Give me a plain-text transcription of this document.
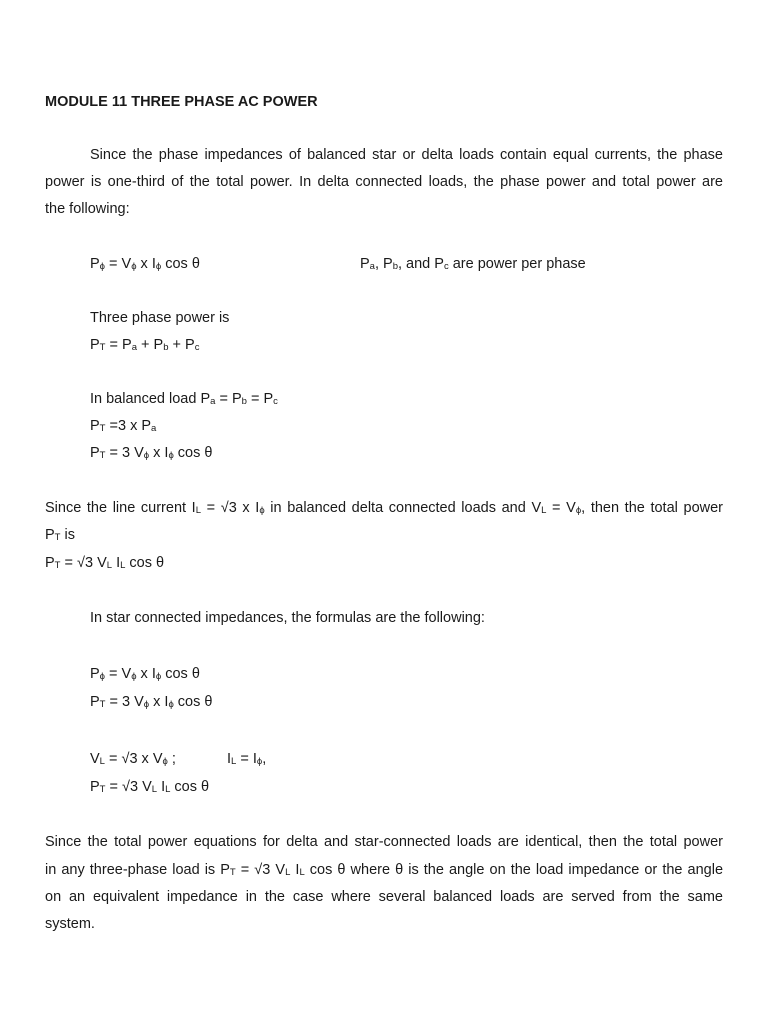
MODULE 11 THREE PHASE AC POWER
Since the phase impedances of balanced star or delta loads contain equal currents, the phase
power is one-third of the total power. In delta connected loads, the phase power and total power are
the following:
$P_\phi = V_\phi$ x $I_\phi$ cos θ	$P_a$, $P_b$, and $P_c$ are power per phase
Three phase power is
$P_T = P_a + P_b + P_c$
In balanced load $P_a = P_b = P_c$
$P_T =3$ x $P_a$
$P_T = 3$ $V_\phi$ x $I_\phi$ cos θ
Since the line current $I_L = √3$ x $I_\phi$ in balanced delta connected loads and $V_L = V_\phi$, then the total power
$P_T$ is
$P_T = √3$ $V_L$ $I_L$ cos θ
In star connected impedances, the formulas are the following:
$P_\phi = V_\phi$ x $I_\phi$ cos θ
$P_T = 3$ $V_\phi$ x $I_\phi$ cos θ
$V_L = √3$ x $V_\phi$ ;	$I_L = I_\phi$,
$P_T = √3$ $V_L$ $I_L$ cos θ
Since the total power equations for delta and star-connected loads are identical, then the total power
in any three-phase load is $P_T = √3$ $V_L$ $I_L$ cos θ where θ is the angle on the load impedance or the angle
on an equivalent impedance in the case where several balanced loads are served from the same
system.
